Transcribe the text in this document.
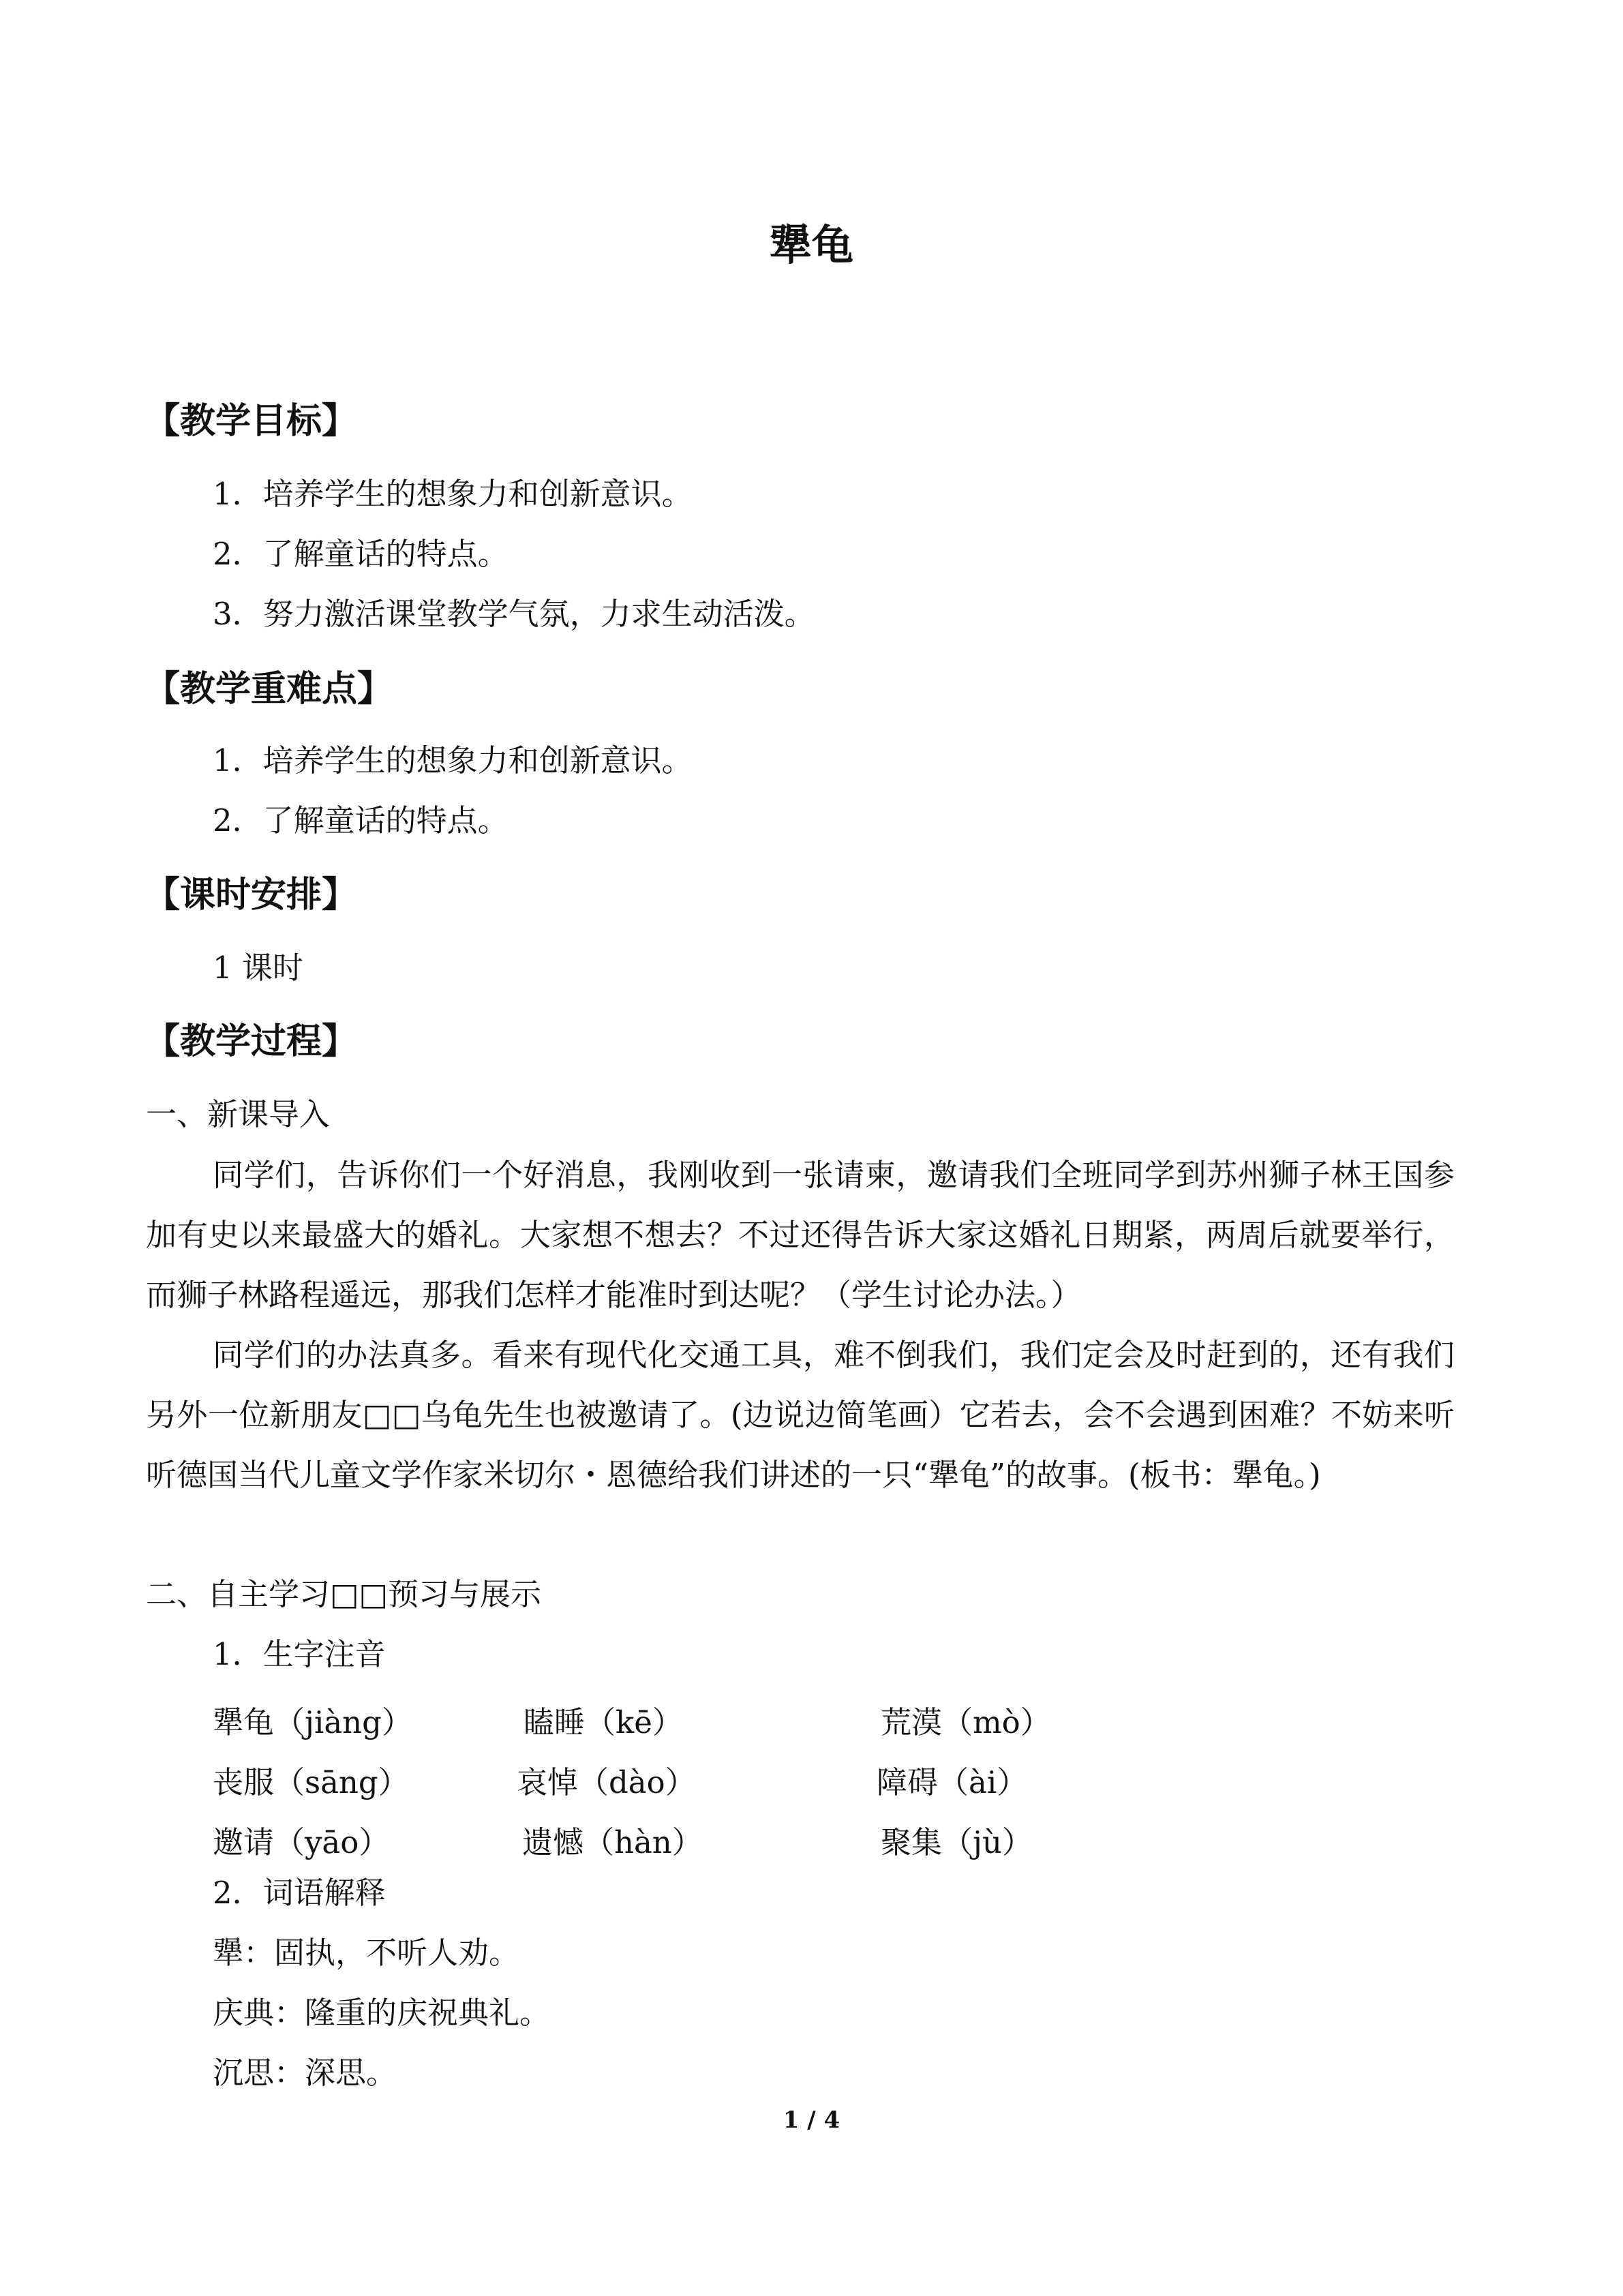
犟龟
【教学目标】
1．培养学生的想象力和创新意识。
2．了解童话的特点。
3．努力激活课堂教学气氛，力求生动活泼。
【教学重难点】
1．培养学生的想象力和创新意识。
2．了解童话的特点。
【课时安排】
1 课时
【教学过程】
一、新课导入
同学们，告诉你们一个好消息，我刚收到一张请柬，邀请我们全班同学到苏州狮子林王国参加有史以来最盛大的婚礼。大家想不想去？不过还得告诉大家这婚礼日期紧，两周后就要举行，而狮子林路程遥远，那我们怎样才能准时到达呢？（学生讨论办法。）
同学们的办法真多。看来有现代化交通工具，难不倒我们，我们定会及时赶到的，还有我们另外一位新朋友□□乌龟先生也被邀请了。(边说边简笔画）它若去，会不会遇到困难？不妨来听听德国当代儿童文学作家米切尔・恩德给我们讲述的一只“犟龟”的故事。(板书：犟龟。)
二、自主学习□□预习与展示
1．生字注音
犟龟（jiàng）	瞌睡（kē）	荒漠（mò）
丧服（sāng）	哀悼（dào）	障碍（ài）
邀请（yāo）	遗憾（hàn）	聚集（jù）
2．词语解释
犟：固执，不听人劝。
庆典：隆重的庆祝典礼。
沉思：深思。
1 / 4
